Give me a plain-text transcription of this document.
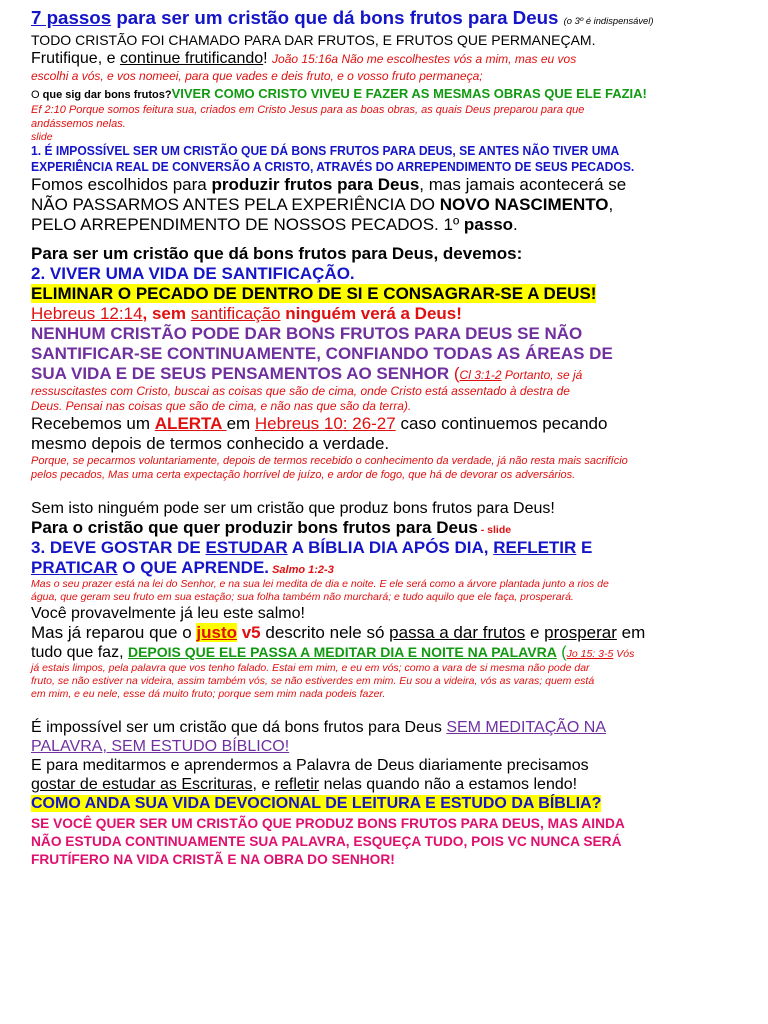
7 passos para ser um cristão que dá bons frutos para Deus (o 3º é indispensável)
TODO CRISTÃO FOI CHAMADO PARA DAR FRUTOS, E FRUTOS QUE PERMANEÇAM.
Frutifique, e continue frutificando! João 15:16a Não me escolhestes vós a mim, mas eu vos
escolhi a vós, e vos nomeei, para que vades e deis fruto, e o vosso fruto permaneça;
O que sig dar bons frutos?VIVER COMO CRISTO VIVEU E FAZER AS MESMAS OBRAS QUE ELE FAZIA!
Ef 2:10 Porque somos feitura sua, criados em Cristo Jesus para as boas obras, as quais Deus preparou para que
andássemos nelas.
slide
1. É IMPOSSÍVEL SER UM CRISTÃO QUE DÁ BONS FRUTOS PARA DEUS, SE ANTES NÃO TIVER UMA
EXPERIÊNCIA REAL DE CONVERSÃO A CRISTO, ATRAVÉS DO ARREPENDIMENTO DE SEUS PECADOS.
Fomos escolhidos para produzir frutos para Deus, mas jamais acontecerá se
NÃO PASSARMOS ANTES PELA EXPERIÊNCIA DO NOVO NASCIMENTO,
PELO ARREPENDIMENTO DE NOSSOS PECADOS. 1º passo.
Para ser um cristão que dá bons frutos para Deus, devemos:
2. VIVER UMA VIDA DE SANTIFICAÇÃO.
ELIMINAR O PECADO DE DENTRO DE SI E CONSAGRAR-SE A DEUS!
Hebreus 12:14, sem santificação ninguém verá a Deus!
NENHUM CRISTÃO PODE DAR BONS FRUTOS PARA DEUS SE NÃO
SANTIFICAR-SE CONTINUAMENTE, CONFIANDO TODAS AS ÁREAS DE
SUA VIDA E DE SEUS PENSAMENTOS AO SENHOR (Cl 3:1-2 Portanto, se já
ressuscitastes com Cristo, buscai as coisas que são de cima, onde Cristo está assentado à destra de
Deus. Pensai nas coisas que são de cima, e não nas que são da terra).
Recebemos um ALERTA em Hebreus 10: 26-27 caso continuemos pecando
mesmo depois de termos conhecido a verdade.
Porque, se pecarmos voluntariamente, depois de termos recebido o conhecimento da verdade, já não resta mais sacrifício
pelos pecados, Mas uma certa expectação horrível de juízo, e ardor de fogo, que há de devorar os adversários.
Sem isto ninguém pode ser um cristão que produz bons frutos para Deus!
Para o cristão que quer produzir bons frutos para Deus - slide
3. DEVE GOSTAR DE ESTUDAR A BÍBLIA DIA APÓS DIA, REFLETIR E
PRATICAR O QUE APRENDE. Salmo 1:2-3
Mas o seu prazer está na lei do Senhor, e na sua lei medita de dia e noite. E ele será como a árvore plantada junto a rios de
água, que geram seu fruto em sua estação; sua folha também não murchará; e tudo aquilo que ele faça, prosperará.
Você provavelmente já leu este salmo!
Mas já reparou que o justo v5 descrito nele só passa a dar frutos e prosperar em
tudo que faz, DEPOIS QUE ELE PASSA A MEDITAR DIA E NOITE NA PALAVRA (Jo 15: 3-5 Vós
já estais limpos, pela palavra que vos tenho falado. Estai em mim, e eu em vós; como a vara de si mesma não pode dar
fruto, se não estiver na videira, assim também vós, se não estiverdes em mim. Eu sou a videira, vós as varas; quem está
em mim, e eu nele, esse dá muito fruto; porque sem mim nada podeis fazer.
É impossível ser um cristão que dá bons frutos para Deus SEM MEDITAÇÃO NA
PALAVRA, SEM ESTUDO BÍBLICO!
E para meditarmos e aprendermos a Palavra de Deus diariamente precisamos
gostar de estudar as Escrituras, e refletir nelas quando não a estamos lendo!
COMO ANDA SUA VIDA DEVOCIONAL DE LEITURA E ESTUDO DA BÍBLIA?
SE VOCÊ QUER SER UM CRISTÃO QUE PRODUZ BONS FRUTOS PARA DEUS, MAS AINDA
NÃO ESTUDA CONTINUAMENTE SUA PALAVRA, ESQUEÇA TUDO, POIS VC NUNCA SERÁ
FRUTÍFERO NA VIDA CRISTÃ E NA OBRA DO SENHOR!
